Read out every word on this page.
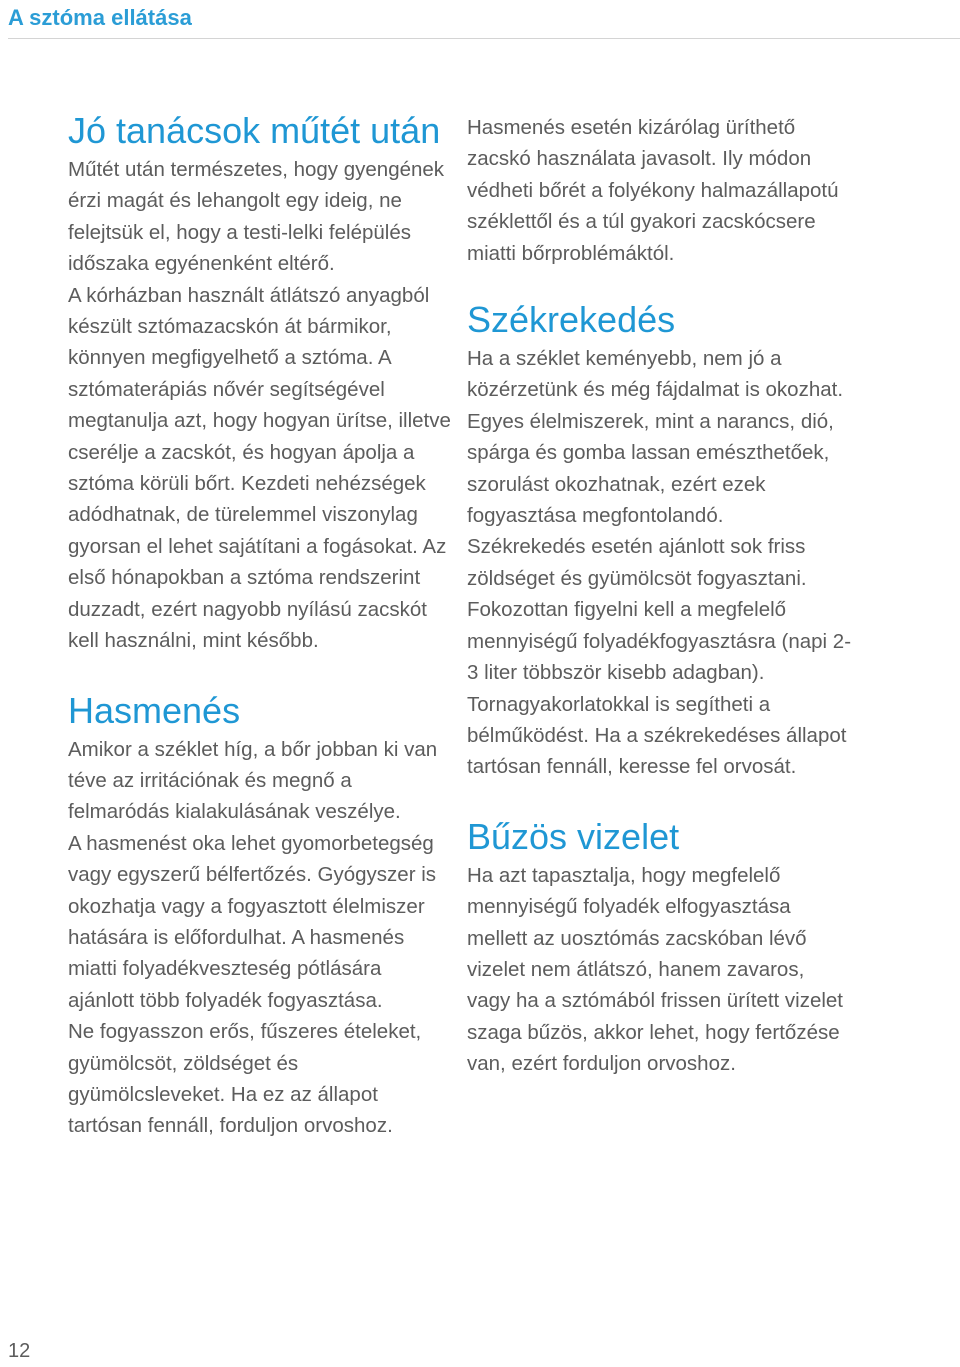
A sztóma ellátása
Jó tanácsok műtét után

Műtét után természetes, hogy gyengének érzi magát és lehangolt egy ideig, ne felejtsük el, hogy a testi-lelki felépülés időszaka egyénenként eltérő.

A kórházban használt átlátszó anyagból készült sztómazacskón át bármikor, könnyen megfigyelhető a sztóma. A sztómaterápiás nővér segítségével megtanulja azt, hogy hogyan ürítse, illetve cserélje a zacskót, és hogyan ápolja a sztóma körüli bőrt. Kezdeti nehézségek adódhatnak, de türelemmel viszonylag gyorsan el lehet sajátítani a fogásokat. Az első hónapokban a sztóma rendszerint duzzadt, ezért nagyobb nyílású zacskót kell használni, mint később.

Hasmenés

Amikor a széklet híg, a bőr jobban ki van téve az irritációnak és megnő a felmaródás kialakulásának veszélye.

A hasmenést oka lehet gyomorbetegség vagy egyszerű bélfertőzés. Gyógyszer is okozhatja vagy a fogyasztott élelmiszer hatására is előfordulhat. A hasmenés miatti folyadékveszteség pótlására ajánlott több folyadék fogyasztása.

Ne fogyasszon erős, fűszeres ételeket, gyümölcsöt, zöldséget és gyümölcsleveket. Ha ez az állapot tartósan fennáll, forduljon orvoshoz.

Hasmenés esetén kizárólag üríthető zacskó használata javasolt. Ily módon védheti bőrét a folyékony halmazállapotú széklettől és a túl gyakori zacskócsere miatti bőrproblémáktól.

Székrekedés

Ha a széklet keményebb, nem jó a közérzetünk és még fájdalmat is okozhat.

Egyes élelmiszerek, mint a narancs, dió, spárga és gomba lassan emészthetőek, szorulást okozhatnak, ezért ezek fogyasztása megfontolandó.

Székrekedés esetén ajánlott sok friss zöldséget és gyümölcsöt fogyasztani.

Fokozottan figyelni kell a megfelelő mennyiségű folyadékfogyasztásra (napi 2-3 liter többször kisebb adagban).

Tornagyakorlatokkal is segítheti a bélműködést. Ha a székrekedéses állapot tartósan fennáll, keresse fel orvosát.

Bűzös vizelet

Ha azt tapasztalja, hogy megfelelő mennyiségű folyadék elfogyasztása mellett az uosztómás zacskóban lévő vizelet nem átlátszó, hanem zavaros, vagy ha a sztómából frissen ürített vizelet szaga bűzös, akkor lehet, hogy fertőzése van, ezért forduljon orvoshoz.

12
